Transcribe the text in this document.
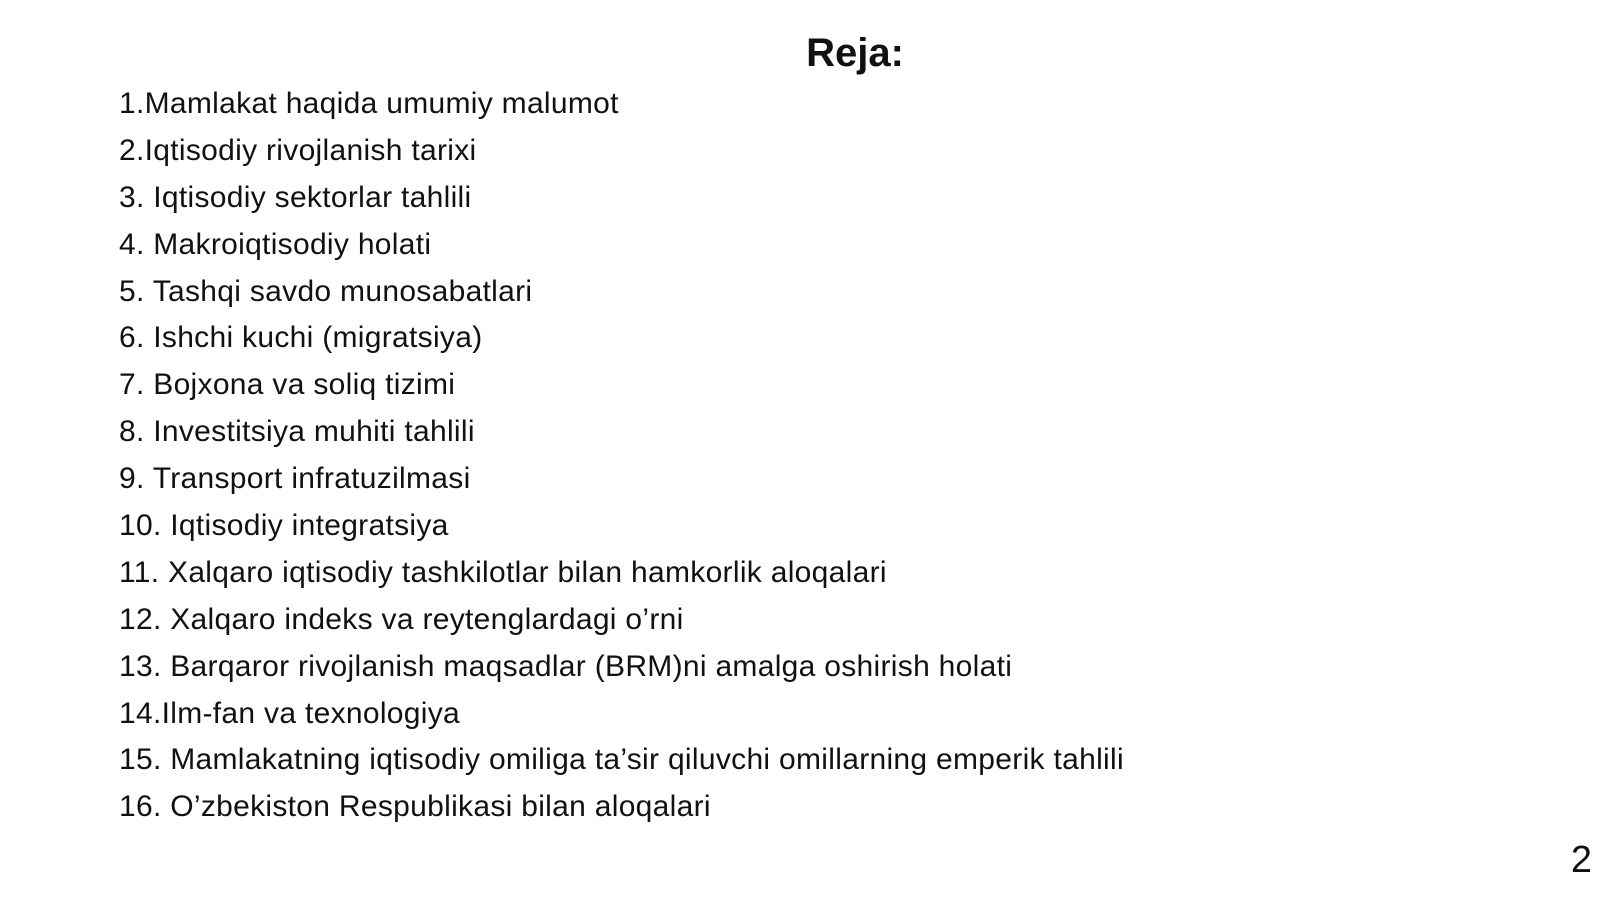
Reja:
1.Mamlakat haqida umumiy malumot
2.Iqtisodiy rivojlanish tarixi
3. Iqtisodiy sektorlar tahlili
4. Makroiqtisodiy holati
5. Tashqi savdo munosabatlari
6. Ishchi kuchi (migratsiya)
7. Bojxona va soliq tizimi
8. Investitsiya muhiti tahlili
9. Transport infratuzilmasi
10. Iqtisodiy integratsiya
11. Xalqaro iqtisodiy tashkilotlar bilan hamkorlik aloqalari
12. Xalqaro indeks va reytenglardagi o’rni
13. Barqaror rivojlanish maqsadlar (BRM)ni amalga oshirish holati
14.Ilm-fan va texnologiya
15. Mamlakatning iqtisodiy omiliga ta’sir qiluvchi omillarning emperik tahlili
16. O’zbekiston Respublikasi bilan aloqalari
2
